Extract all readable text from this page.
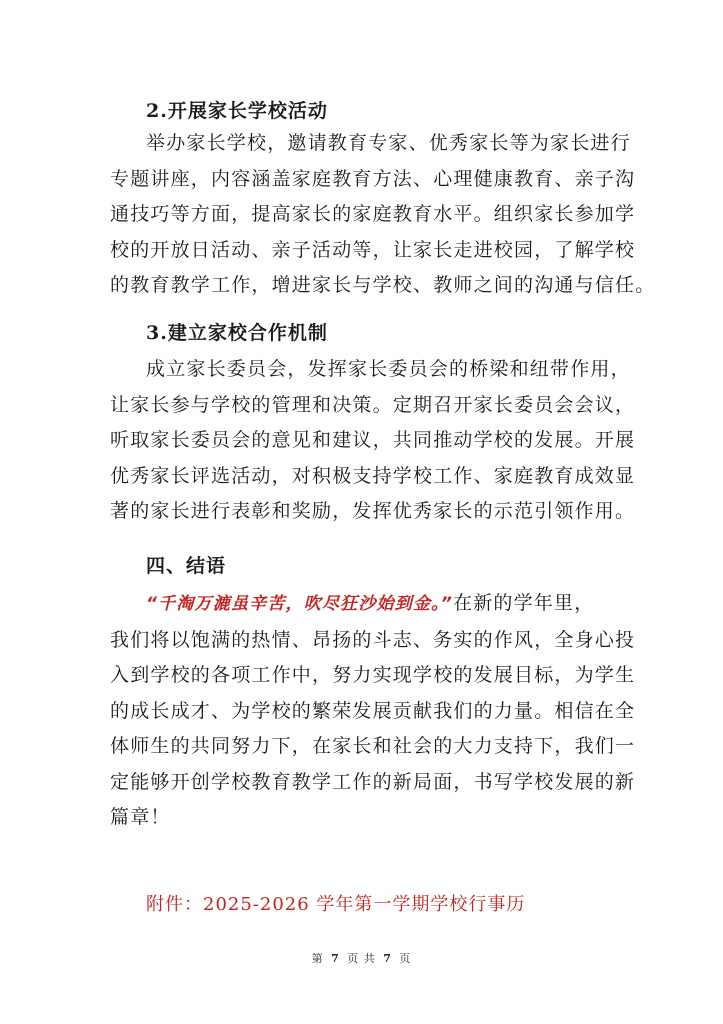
2.开展家长学校活动
举办家长学校，邀请教育专家、优秀家长等为家长进行
专题讲座，内容涵盖家庭教育方法、心理健康教育、亲子沟
通技巧等方面，提高家长的家庭教育水平。组织家长参加学
校的开放日活动、亲子活动等，让家长走进校园，了解学校
的教育教学工作，增进家长与学校、教师之间的沟通与信任。
3.建立家校合作机制
成立家长委员会，发挥家长委员会的桥梁和纽带作用，
让家长参与学校的管理和决策。定期召开家长委员会会议，
听取家长委员会的意见和建议，共同推动学校的发展。开展
优秀家长评选活动，对积极支持学校工作、家庭教育成效显
著的家长进行表彰和奖励，发挥优秀家长的示范引领作用。
四、结语
“千淘万漉虽辛苦，吹尽狂沙始到金。”在新的学年里，
我们将以饱满的热情、昂扬的斗志、务实的作风，全身心投
入到学校的各项工作中，努力实现学校的发展目标，为学生
的成长成才、为学校的繁荣发展贡献我们的力量。相信在全
体师生的共同努力下，在家长和社会的大力支持下，我们一
定能够开创学校教育教学工作的新局面，书写学校发展的新
篇章！
附件：2025-2026 学年第一学期学校行事历
第 7 页 共 7 页
